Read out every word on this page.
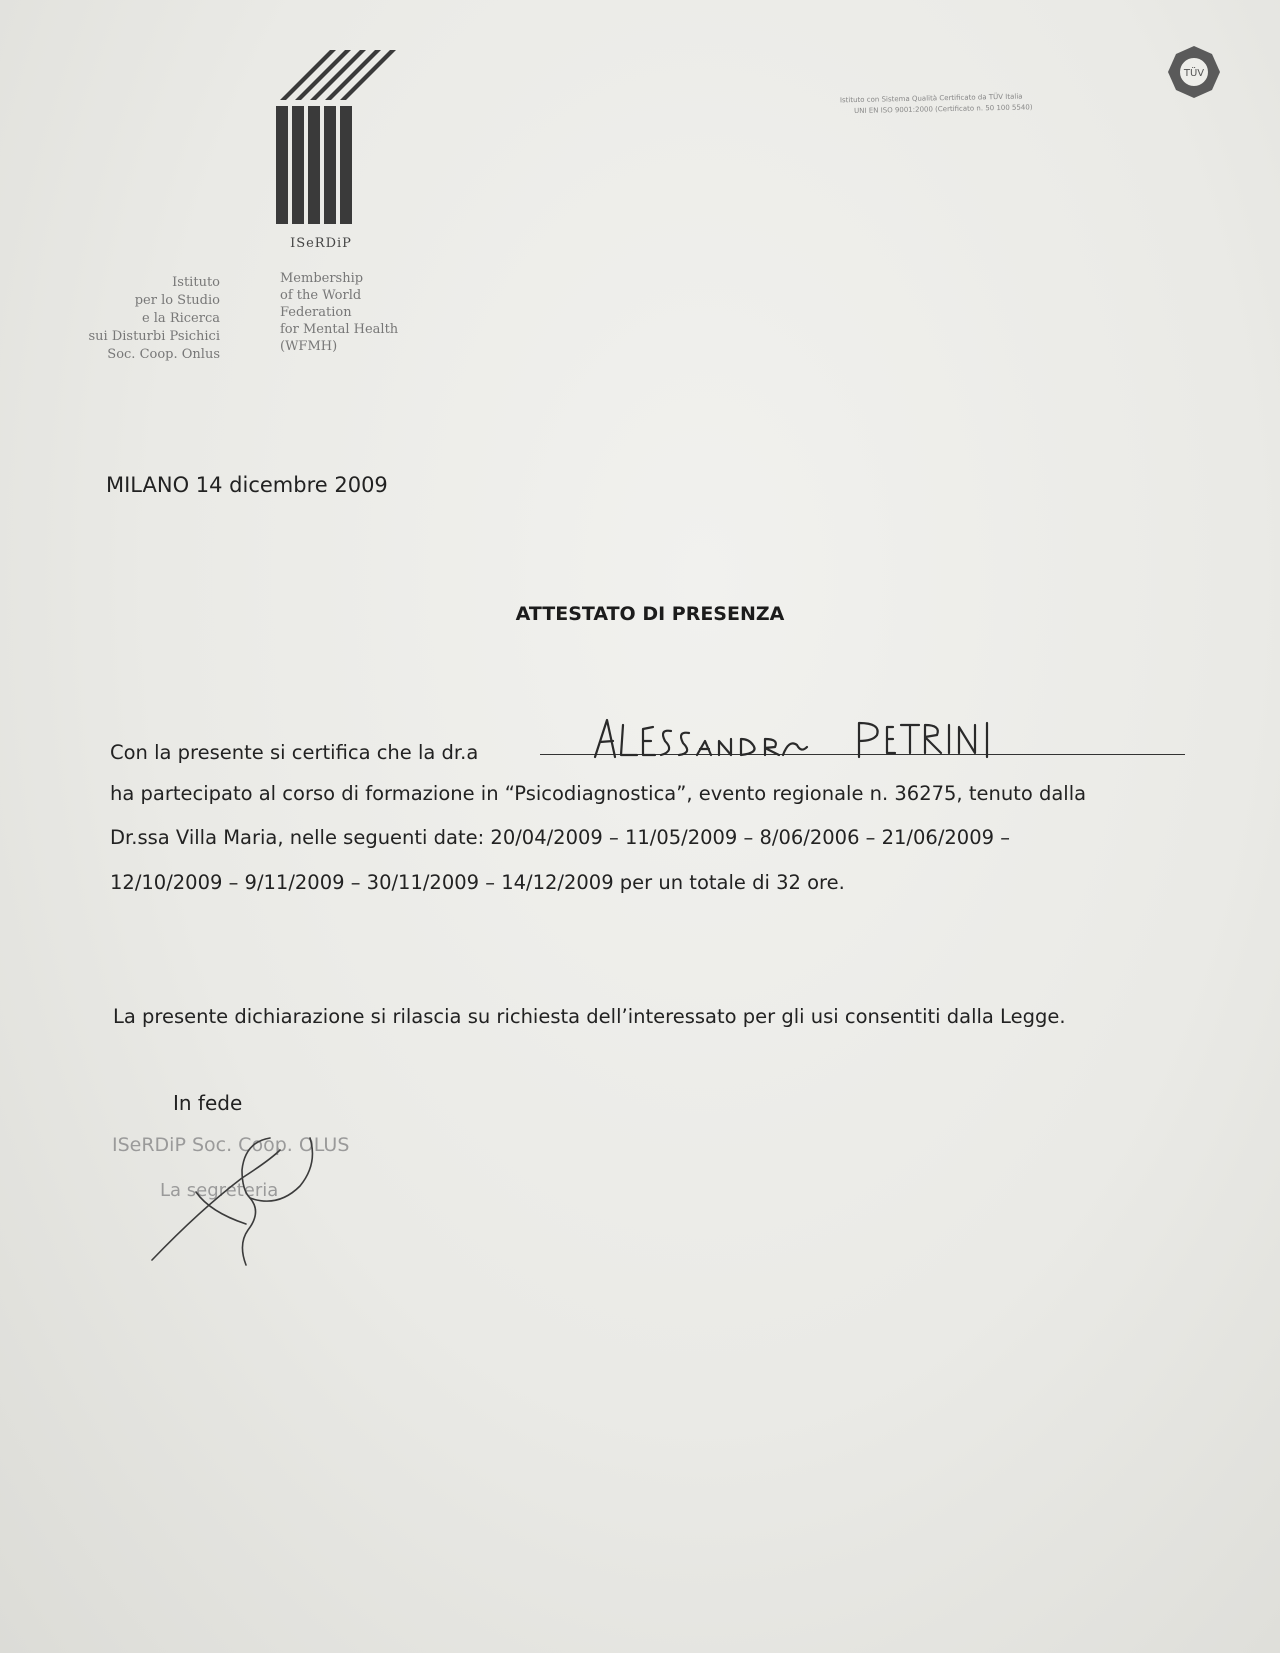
ISeRDiP
Istituto
per lo Studio
e la Ricerca
sui Disturbi Psichici
Soc. Coop. Onlus
Membership
of the World
Federation
for Mental Health
(WFMH)
TÜV
Istituto con Sistema Qualità Certificato da TÜV Italia
UNI EN ISO 9001:2000 (Certificato n. 50 100 5540)
MILANO 14 dicembre 2009
ATTESTATO DI PRESENZA
Con la presente si certifica che la dr.a
ha partecipato al corso di formazione in “Psicodiagnostica”, evento regionale n. 36275, tenuto dalla
Dr.ssa Villa Maria, nelle seguenti date: 20/04/2009 – 11/05/2009 – 8/06/2006 – 21/06/2009 –
12/10/2009 – 9/11/2009 – 30/11/2009 – 14/12/2009 per un totale di 32 ore.
La presente dichiarazione si rilascia su richiesta dell’interessato per gli usi consentiti dalla Legge.
In fede
ISeRDiP Soc. Coop. OLUS
La segreteria
